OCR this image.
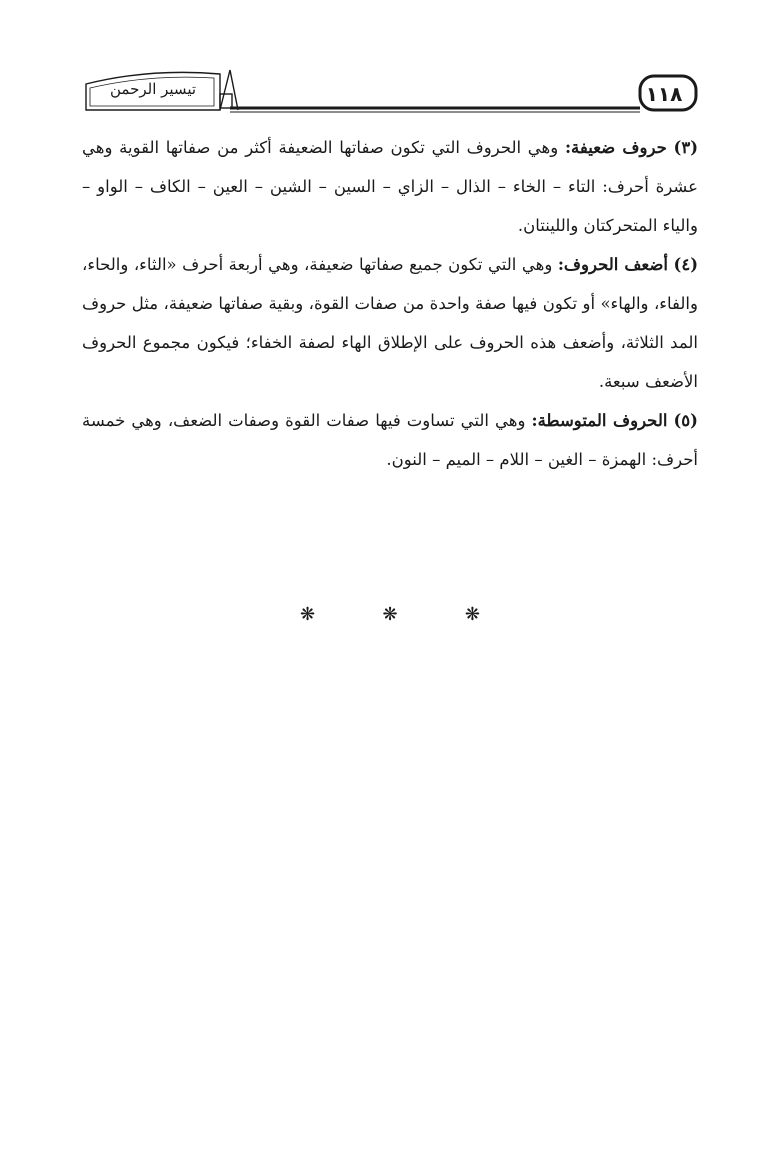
١١٨
تيسير الرحمن

(٣) حروف ضعيفة: وهي الحروف التي تكون صفاتها الضعيفة أكثر من صفاتها القوية وهي عشرة أحرف: التاء – الخاء – الذال – الزاي – السين – الشين – العين – الكاف – الواو – والياء المتحركتان واللينتان.

(٤) أضعف الحروف: وهي التي تكون جميع صفاتها ضعيفة، وهي أربعة أحرف «الثاء، والحاء، والفاء، والهاء» أو تكون فيها صفة واحدة من صفات القوة، وبقية صفاتها ضعيفة، مثل حروف المد الثلاثة، وأضعف هذه الحروف على الإطلاق الهاء لصفة الخفاء؛ فيكون مجموع الحروف الأضعف سبعة.

(٥) الحروف المتوسطة: وهي التي تساوت فيها صفات القوة وصفات الضعف، وهي خمسة أحرف: الهمزة – الغين – اللام – الميم – النون.

❋
❋
❋
